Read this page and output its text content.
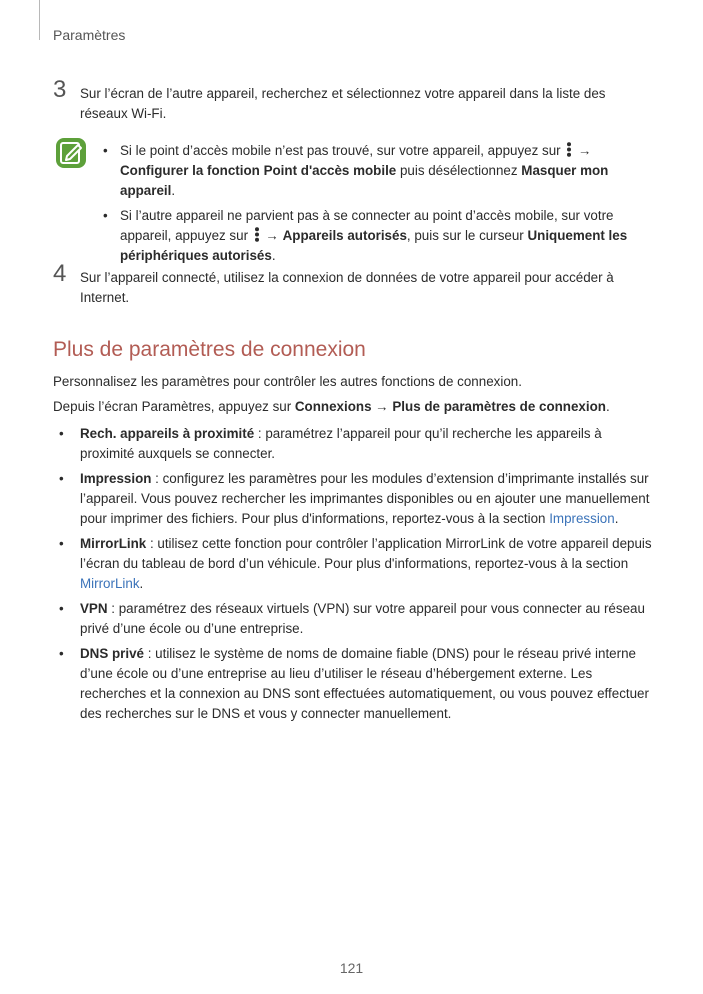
Paramètres
3 Sur l’écran de l’autre appareil, recherchez et sélectionnez votre appareil dans la liste des réseaux Wi-Fi.
• Si le point d’accès mobile n’est pas trouvé, sur votre appareil, appuyez sur
→ Configurer la fonction Point d'accès mobile puis désélectionnez Masquer mon appareil.
• Si l’autre appareil ne parvient pas à se connecter au point d’accès mobile, sur votre appareil, appuyez sur
→ Appareils autorisés, puis sur le curseur Uniquement les périphériques autorisés.
4 Sur l’appareil connecté, utilisez la connexion de données de votre appareil pour accéder à Internet.
Plus de paramètres de connexion
Personnalisez les paramètres pour contrôler les autres fonctions de connexion.
Depuis l’écran Paramètres, appuyez sur Connexions → Plus de paramètres de connexion.
• Rech. appareils à proximité : paramétrez l’appareil pour qu’il recherche les appareils à proximité auxquels se connecter.
• Impression : configurez les paramètres pour les modules d’extension d’imprimante installés sur l’appareil. Vous pouvez rechercher les imprimantes disponibles ou en ajouter une manuellement pour imprimer des fichiers. Pour plus d'informations, reportez-vous à la section Impression.
• MirrorLink : utilisez cette fonction pour contrôler l’application MirrorLink de votre appareil depuis l’écran du tableau de bord d’un véhicule. Pour plus d'informations, reportez-vous à la section MirrorLink.
• VPN : paramétrez des réseaux virtuels (VPN) sur votre appareil pour vous connecter au réseau privé d’une école ou d’une entreprise.
• DNS privé : utilisez le système de noms de domaine fiable (DNS) pour le réseau privé interne d’une école ou d’une entreprise au lieu d’utiliser le réseau d’hébergement externe. Les recherches et la connexion au DNS sont effectuées automatiquement, ou vous pouvez effectuer des recherches sur le DNS et vous y connecter manuellement.
121
